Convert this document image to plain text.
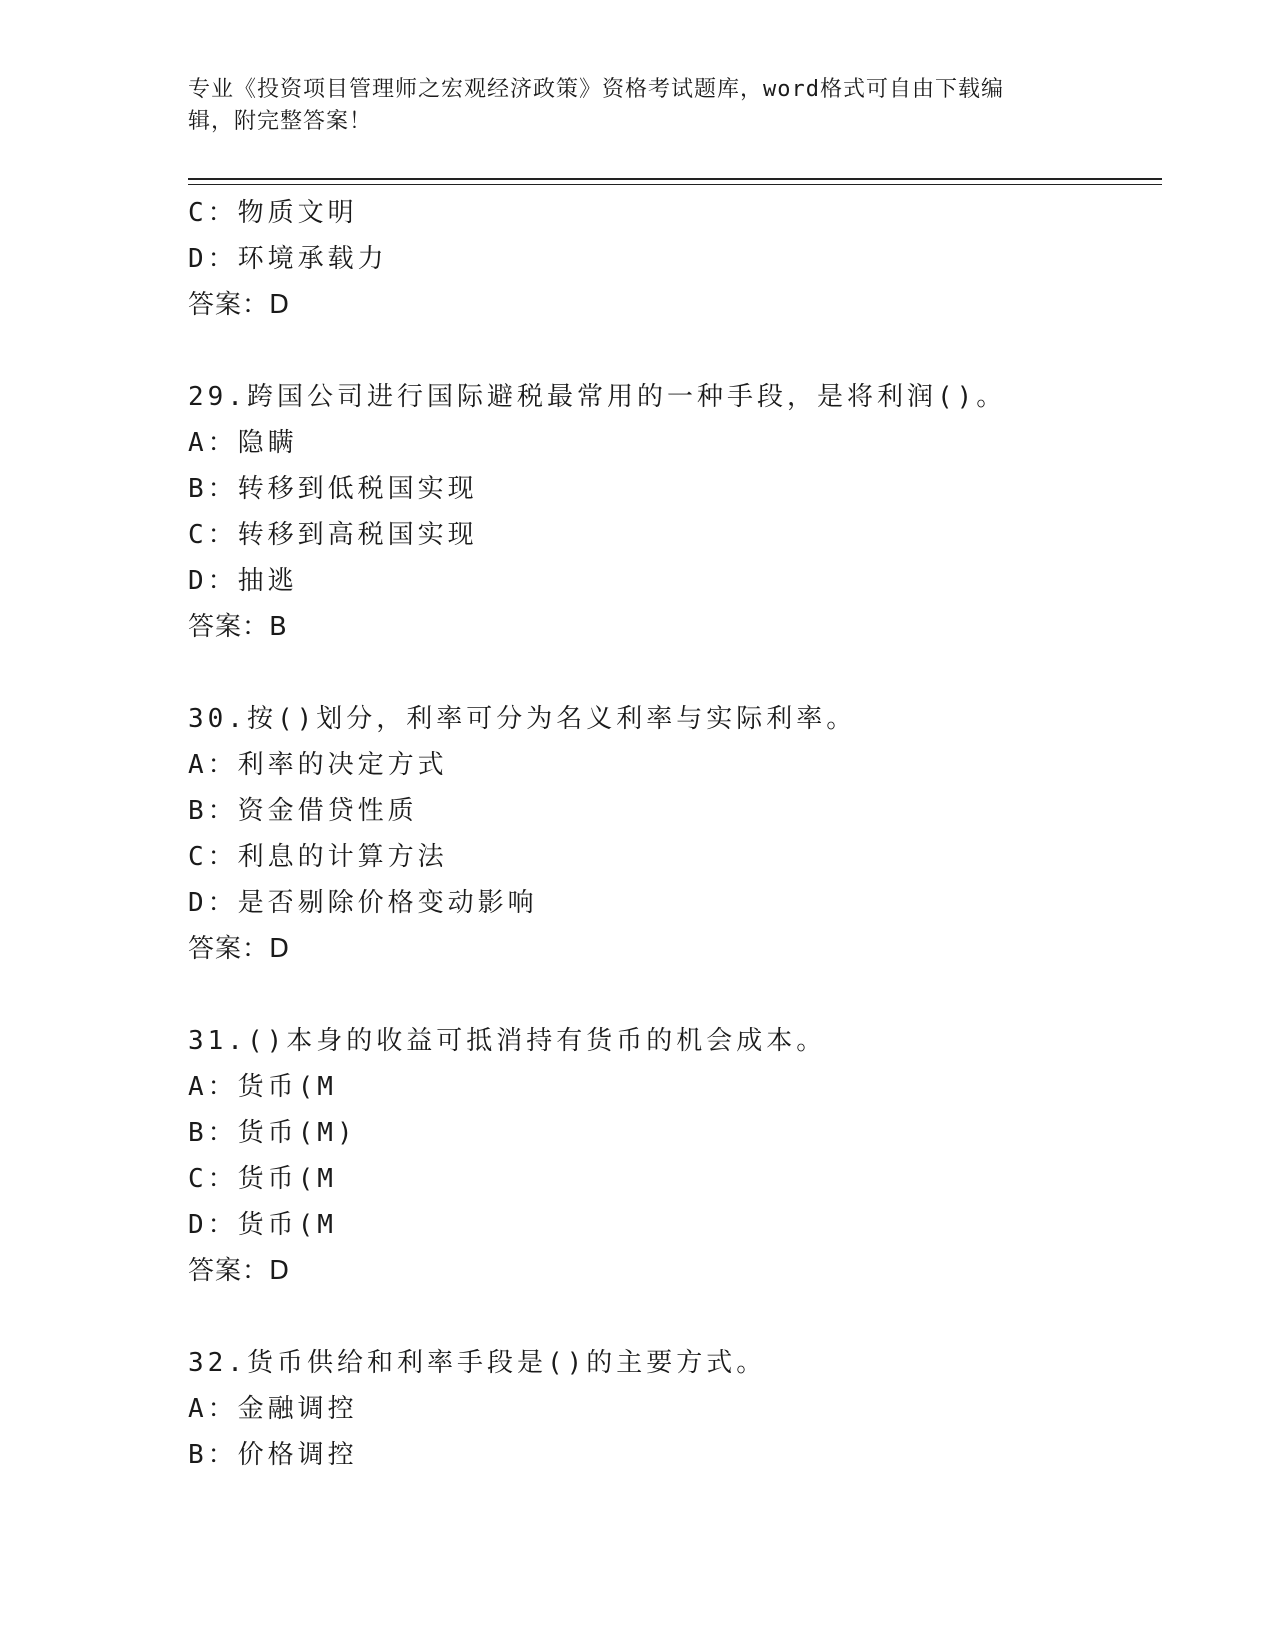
专业《投资项目管理师之宏观经济政策》资格考试题库，word格式可自由下载编
辑，附完整答案！
C：物质文明
D：环境承载力
答案：D
29.跨国公司进行国际避税最常用的一种手段，是将利润()。
A：隐瞒
B：转移到低税国实现
C：转移到高税国实现
D：抽逃
答案：B
30.按()划分，利率可分为名义利率与实际利率。
A：利率的决定方式
B：资金借贷性质
C：利息的计算方法
D：是否剔除价格变动影响
答案：D
31.()本身的收益可抵消持有货币的机会成本。
A：货币(M
B：货币(M)
C：货币(M
D：货币(M
答案：D
32.货币供给和利率手段是()的主要方式。
A：金融调控
B：价格调控
